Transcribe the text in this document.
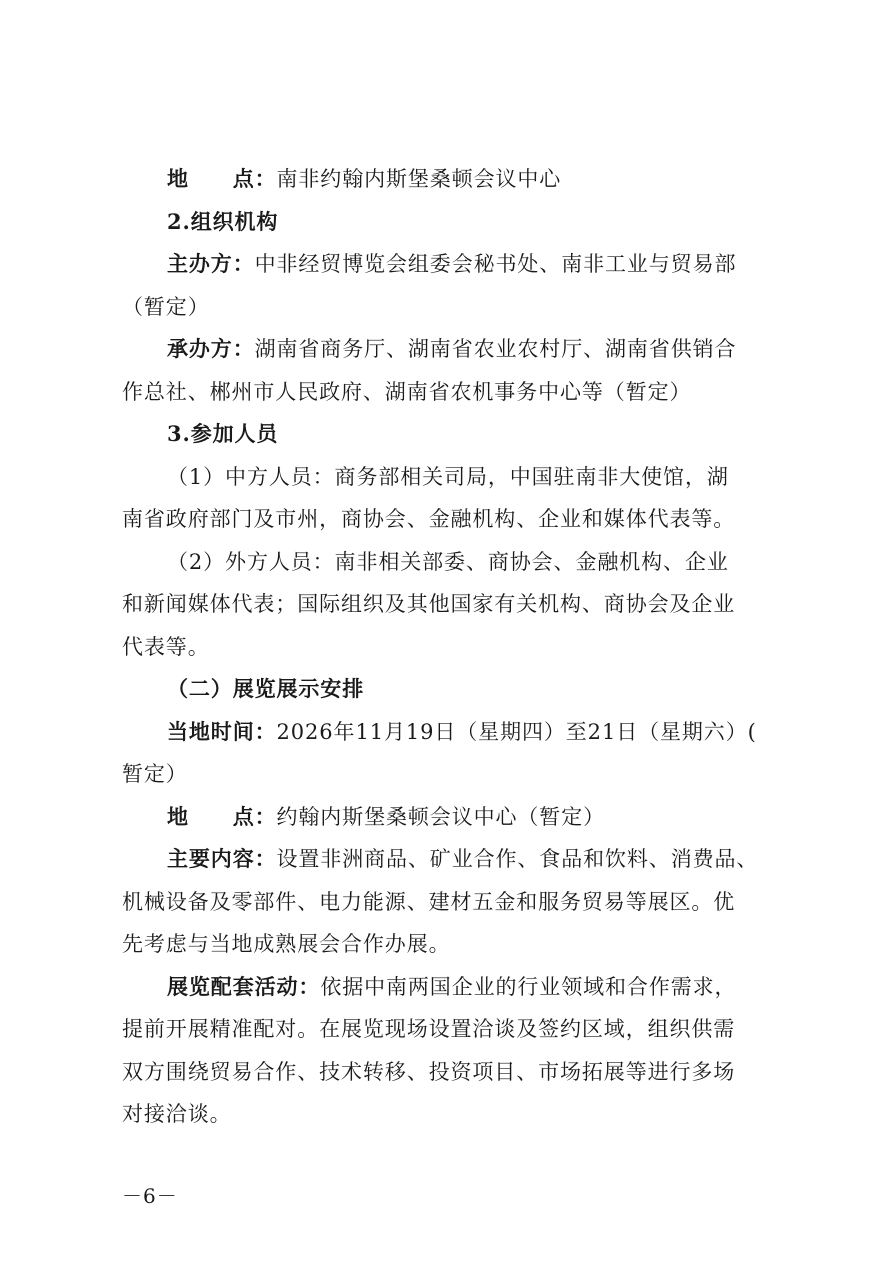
地　　点：南非约翰内斯堡桑顿会议中心

2.组织机构

主办方：中非经贸博览会组委会秘书处、南非工业与贸易部

（暂定）

承办方：湖南省商务厅、湖南省农业农村厅、湖南省供销合

作总社、郴州市人民政府、湖南省农机事务中心等（暂定）

3.参加人员

（1）中方人员：商务部相关司局，中国驻南非大使馆，湖

南省政府部门及市州，商协会、金融机构、企业和媒体代表等。

（2）外方人员：南非相关部委、商协会、金融机构、企业

和新闻媒体代表；国际组织及其他国家有关机构、商协会及企业

代表等。

（二）展览展示安排

当地时间：2026年11月19日（星期四）至21日（星期六）(

暂定）

地　　点：约翰内斯堡桑顿会议中心（暂定）

主要内容：设置非洲商品、矿业合作、食品和饮料、消费品、

机械设备及零部件、电力能源、建材五金和服务贸易等展区。优

先考虑与当地成熟展会合作办展。

展览配套活动：依据中南两国企业的行业领域和合作需求，

提前开展精准配对。在展览现场设置洽谈及签约区域，组织供需

双方围绕贸易合作、技术转移、投资项目、市场拓展等进行多场

对接洽谈。

－6－
